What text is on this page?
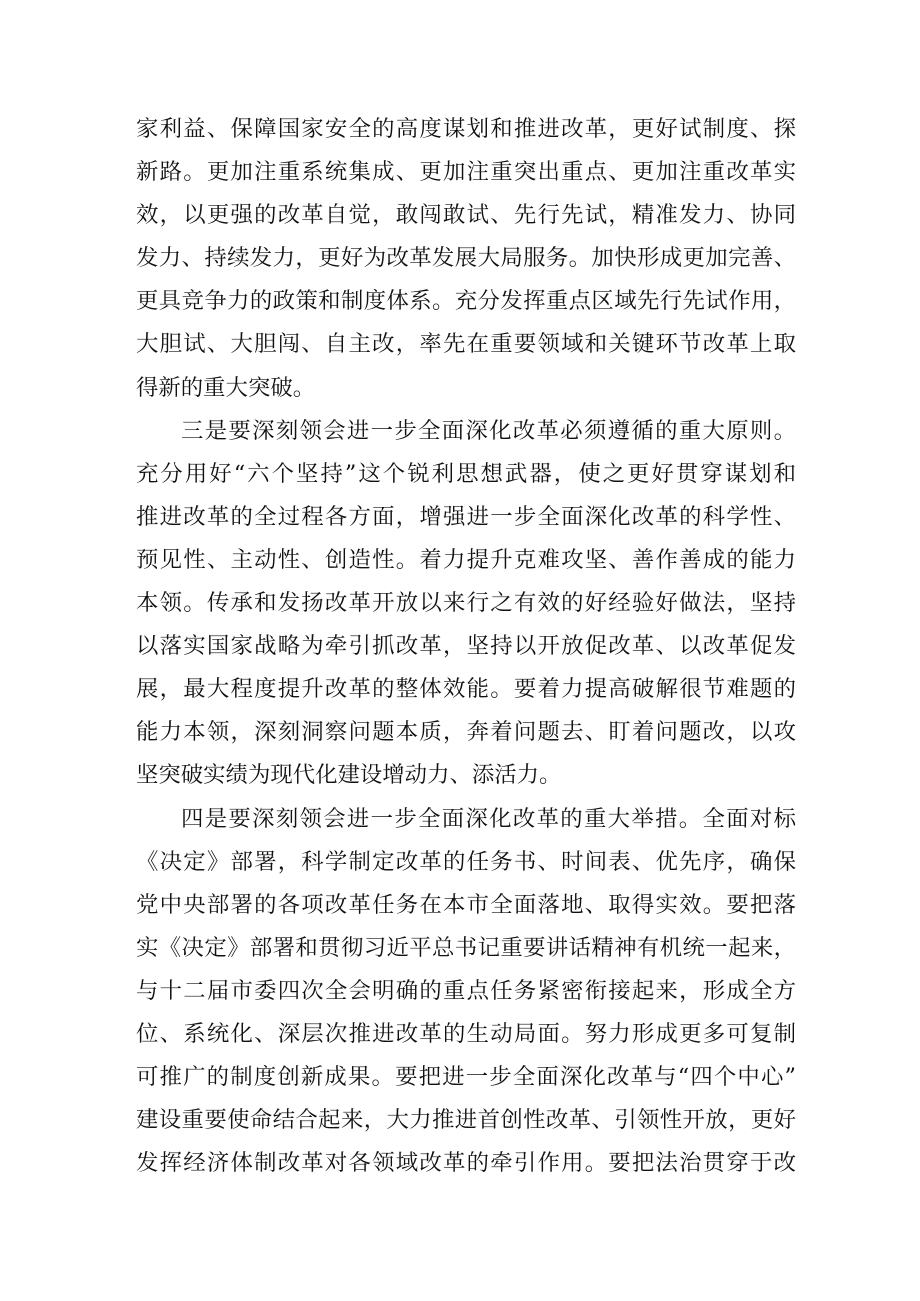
家利益、保障国家安全的高度谋划和推进改革，更好试制度、探
新路。更加注重系统集成、更加注重突出重点、更加注重改革实
效，以更强的改革自觉，敢闯敢试、先行先试，精准发力、协同
发力、持续发力，更好为改革发展大局服务。加快形成更加完善、
更具竞争力的政策和制度体系。充分发挥重点区域先行先试作用，
大胆试、大胆闯、自主改，率先在重要领域和关键环节改革上取
得新的重大突破。
三是要深刻领会进一步全面深化改革必须遵循的重大原则。
充分用好“六个坚持”这个锐利思想武器，使之更好贯穿谋划和
推进改革的全过程各方面，增强进一步全面深化改革的科学性、
预见性、主动性、创造性。着力提升克难攻坚、善作善成的能力
本领。传承和发扬改革开放以来行之有效的好经验好做法，坚持
以落实国家战略为牵引抓改革，坚持以开放促改革、以改革促发
展，最大程度提升改革的整体效能。要着力提高破解很节难题的
能力本领，深刻洞察问题本质，奔着问题去、盯着问题改，以攻
坚突破实绩为现代化建设增动力、添活力。
四是要深刻领会进一步全面深化改革的重大举措。全面对标
《决定》部署，科学制定改革的任务书、时间表、优先序，确保
党中央部署的各项改革任务在本市全面落地、取得实效。要把落
实《决定》部署和贯彻习近平总书记重要讲话精神有机统一起来，
与十二届市委四次全会明确的重点任务紧密衔接起来，形成全方
位、系统化、深层次推进改革的生动局面。努力形成更多可复制
可推广的制度创新成果。要把进一步全面深化改革与“四个中心”
建设重要使命结合起来，大力推进首创性改革、引领性开放，更好
发挥经济体制改革对各领域改革的牵引作用。要把法治贯穿于改
